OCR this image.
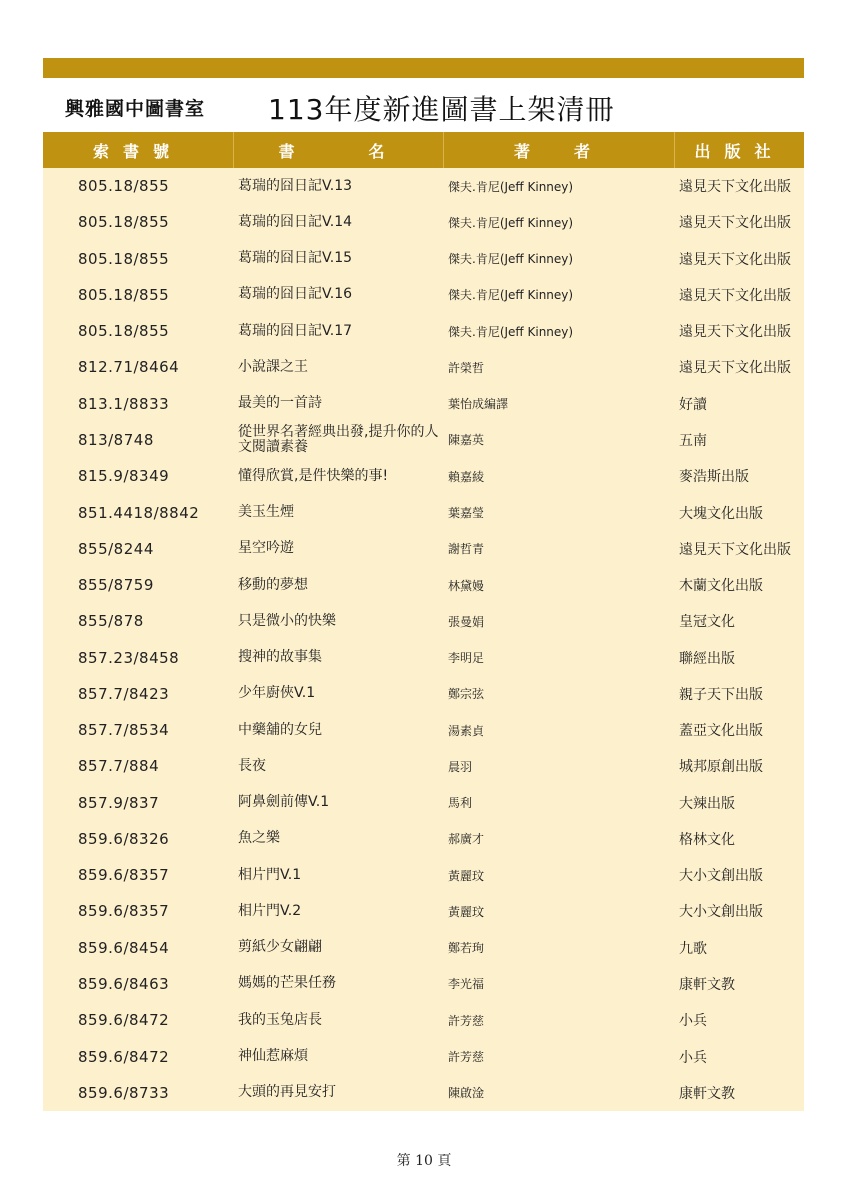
興雅國中圖書室 113年度新進圖書上架清冊
索書號	書　　名	著　者	出版社
805.18/855	葛瑞的囧日記V.13	傑夫.肯尼(Jeff Kinney)	遠見天下文化出版
805.18/855	葛瑞的囧日記V.14	傑夫.肯尼(Jeff Kinney)	遠見天下文化出版
805.18/855	葛瑞的囧日記V.15	傑夫.肯尼(Jeff Kinney)	遠見天下文化出版
805.18/855	葛瑞的囧日記V.16	傑夫.肯尼(Jeff Kinney)	遠見天下文化出版
805.18/855	葛瑞的囧日記V.17	傑夫.肯尼(Jeff Kinney)	遠見天下文化出版
812.71/8464	小說課之王	許榮哲	遠見天下文化出版
813.1/8833	最美的一首詩	葉怡成編譯	好讀
813/8748	從世界名著經典出發,提升你的人文閱讀素養	陳嘉英	五南
815.9/8349	懂得欣賞,是件快樂的事!	賴嘉綾	麥浩斯出版
851.4418/8842	美玉生煙	葉嘉瑩	大塊文化出版
855/8244	星空吟遊	謝哲青	遠見天下文化出版
855/8759	移動的夢想	林黛嫚	木蘭文化出版
855/878	只是微小的快樂	張曼娟	皇冠文化
857.23/8458	搜神的故事集	李明足	聯經出版
857.7/8423	少年廚俠V.1	鄭宗弦	親子天下出版
857.7/8534	中藥舖的女兒	湯素貞	蓋亞文化出版
857.7/884	長夜	晨羽	城邦原創出版
857.9/837	阿鼻劍前傳V.1	馬利	大辣出版
859.6/8326	魚之樂	郝廣才	格林文化
859.6/8357	相片門V.1	黃麗玟	大小文創出版
859.6/8357	相片門V.2	黃麗玟	大小文創出版
859.6/8454	剪紙少女翩翩	鄭若珣	九歌
859.6/8463	媽媽的芒果任務	李光福	康軒文教
859.6/8472	我的玉兔店長	許芳慈	小兵
859.6/8472	神仙惹麻煩	許芳慈	小兵
859.6/8733	大頭的再見安打	陳啟淦	康軒文教
第 10 頁
